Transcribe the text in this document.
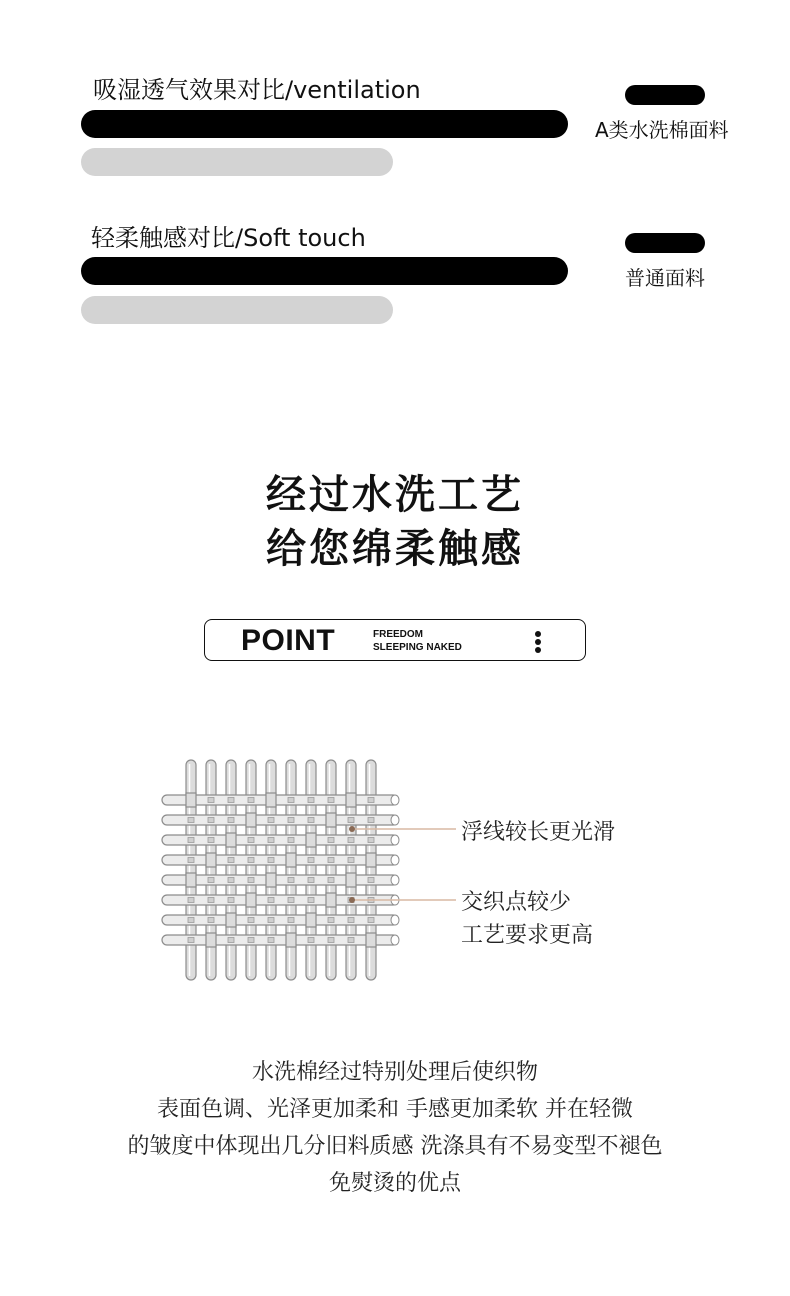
吸湿透气效果对比/ventilation
轻柔触感对比/Soft touch
A类水洗棉面料
普通面料
经过水洗工艺
给您绵柔触感
POINT	FREEDOM
SLEEPING NAKED
浮线较长更光滑
交织点较少
工艺要求更高
水洗棉经过特别处理后使织物
表面色调、光泽更加柔和 手感更加柔软 并在轻微
的皱度中体现出几分旧料质感 洗涤具有不易变型不褪色
免熨烫的优点
